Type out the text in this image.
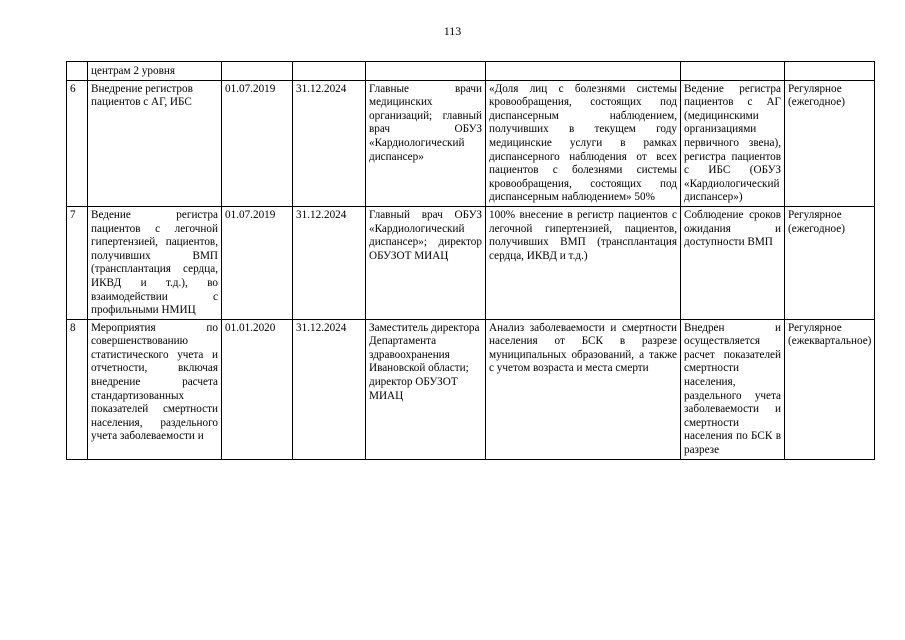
113
	центрам 2 уровня						
6	Внедрение регистров пациентов с АГ, ИБС	01.07.2019	31.12.2024	Главные врачи медицинских организаций; главный врач ОБУЗ «Кардиологический диспансер»	«Доля лиц с болезнями системы кровообращения, состоящих под диспансерным наблюдением, получивших в текущем году медицинские услуги в рамках диспансерного наблюдения от всех пациентов с болезнями системы кровообращения, состоящих под диспансерным наблюдением» 50%	Ведение регистра пациентов с АГ (медицинскими организациями первичного звена), регистра пациентов с ИБС (ОБУЗ «Кардиологический диспансер»)	Регулярное (ежегодное)
7	Ведение регистра пациентов с легочной гипертензией, пациентов, получивших ВМП (трансплантация сердца, ИКВД и т.д.), во взаимодействии с профильными НМИЦ	01.07.2019	31.12.2024	Главный врач ОБУЗ «Кардиологический диспансер»; директор ОБУЗОТ МИАЦ	100% внесение в регистр пациентов с легочной гипертензией, пациентов, получивших ВМП (трансплантация сердца, ИКВД и т.д.)	Соблюдение сроков ожидания и доступности ВМП	Регулярное (ежегодное)
8	Мероприятия по совершенствованию статистического учета и отчетности, включая внедрение расчета стандартизованных показателей смертности населения, раздельного учета заболеваемости и	01.01.2020	31.12.2024	Заместитель директора Департамента здравоохранения Ивановской области; директор ОБУЗОТ МИАЦ	Анализ заболеваемости и смертности населения от БСК в разрезе муниципальных образований, а также с учетом возраста и места смерти	Внедрен и осуществляется расчет показателей смертности населения, раздельного учета заболеваемости и смертности населения по БСК в разрезе	Регулярное (ежеквартальное)
